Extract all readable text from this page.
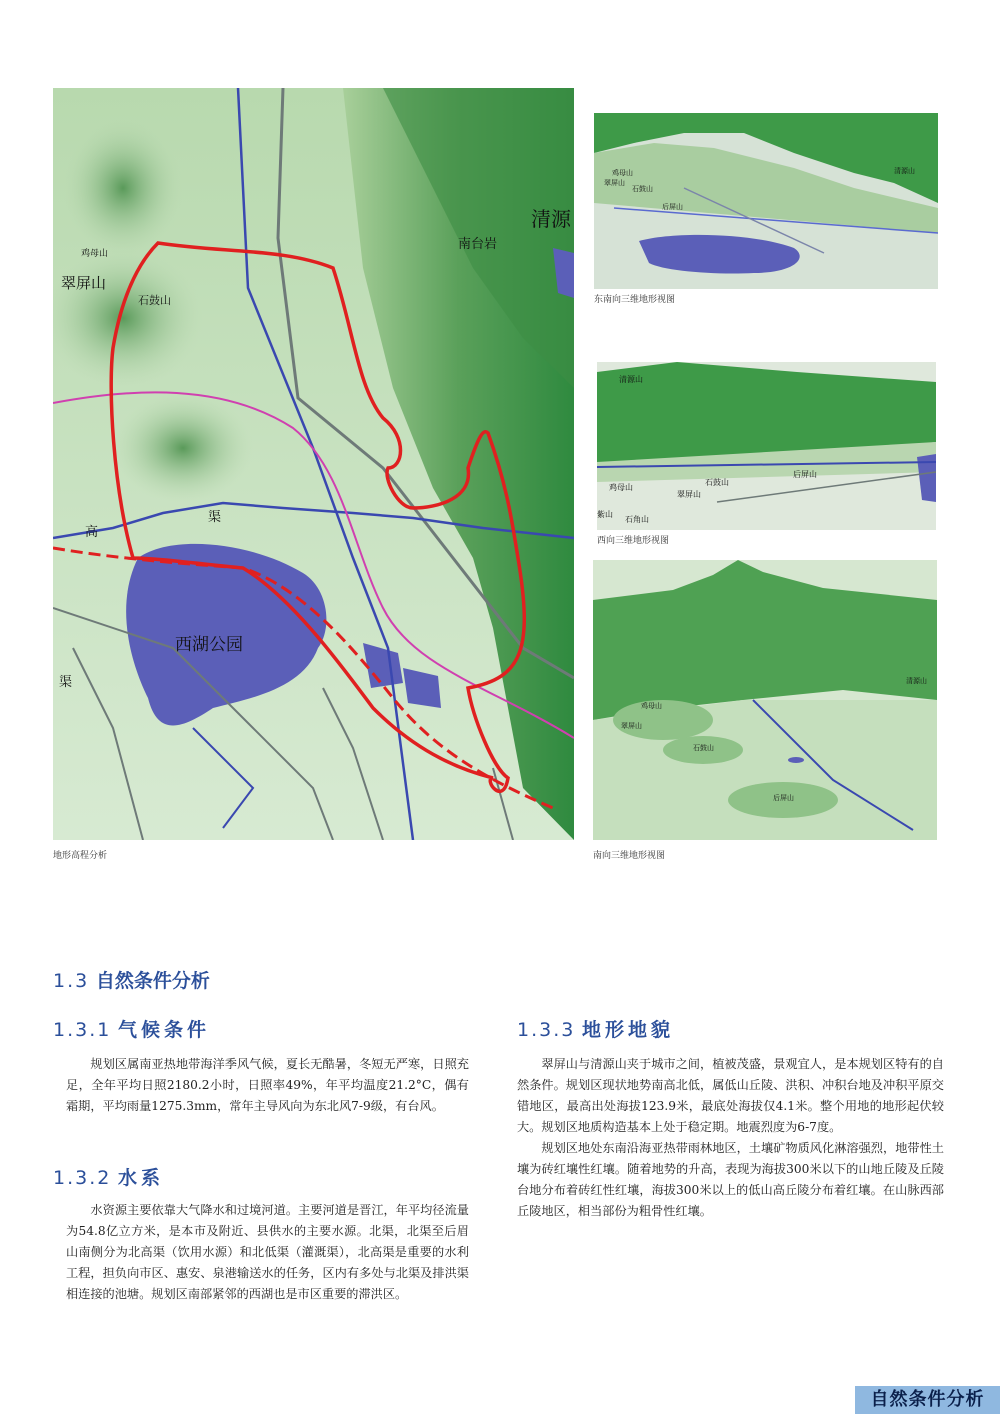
清源
南台岩
鸡母山
翠屏山
石鼓山
高
渠
渠
西湖公园
地形高程分析
鸡母山
翠屏山
石鼓山
后屏山
清源山
东南向三维地形视图
清源山
石鼓山
后屏山
鸡母山
翠屏山
紫山
石角山
西向三维地形视图
清源山
鸡母山
翠屏山
石鼓山
后屏山
南向三维地形视图
1.3 自然条件分析
1.3.1 气候条件

规划区属南亚热地带海洋季风气候，夏长无酷暑，冬短无严寒，日照充足，全年平均日照2180.2小时，日照率49%，年平均温度21.2°C，偶有霜期，平均雨量1275.3mm，常年主导风向为东北风7-9级，有台风。

1.3.2 水系

水资源主要依靠大气降水和过境河道。主要河道是晋江，年平均径流量为54.8亿立方米，是本市及附近、县供水的主要水源。北渠，北渠至后眉山南侧分为北高渠（饮用水源）和北低渠（灌溉渠），北高渠是重要的水利工程，担负向市区、惠安、泉港输送水的任务，区内有多处与北渠及排洪渠相连接的池塘。规划区南部紧邻的西湖也是市区重要的滞洪区。

1.3.3 地形地貌

翠屏山与清源山夹于城市之间，植被茂盛，景观宜人，是本规划区特有的自然条件。规划区现状地势南高北低，属低山丘陵、洪积、冲积台地及冲积平原交错地区，最高出处海拔123.9米，最底处海拔仅4.1米。整个用地的地形起伏较大。规划区地质构造基本上处于稳定期。地震烈度为6-7度。

规划区地处东南沿海亚热带雨林地区，土壤矿物质风化淋溶强烈，地带性土壤为砖红壤性红壤。随着地势的升高，表现为海拔300米以下的山地丘陵及丘陵台地分布着砖红性红壤，海拔300米以上的低山高丘陵分布着红壤。在山脉西部丘陵地区，相当部份为粗骨性红壤。

自然条件分析
